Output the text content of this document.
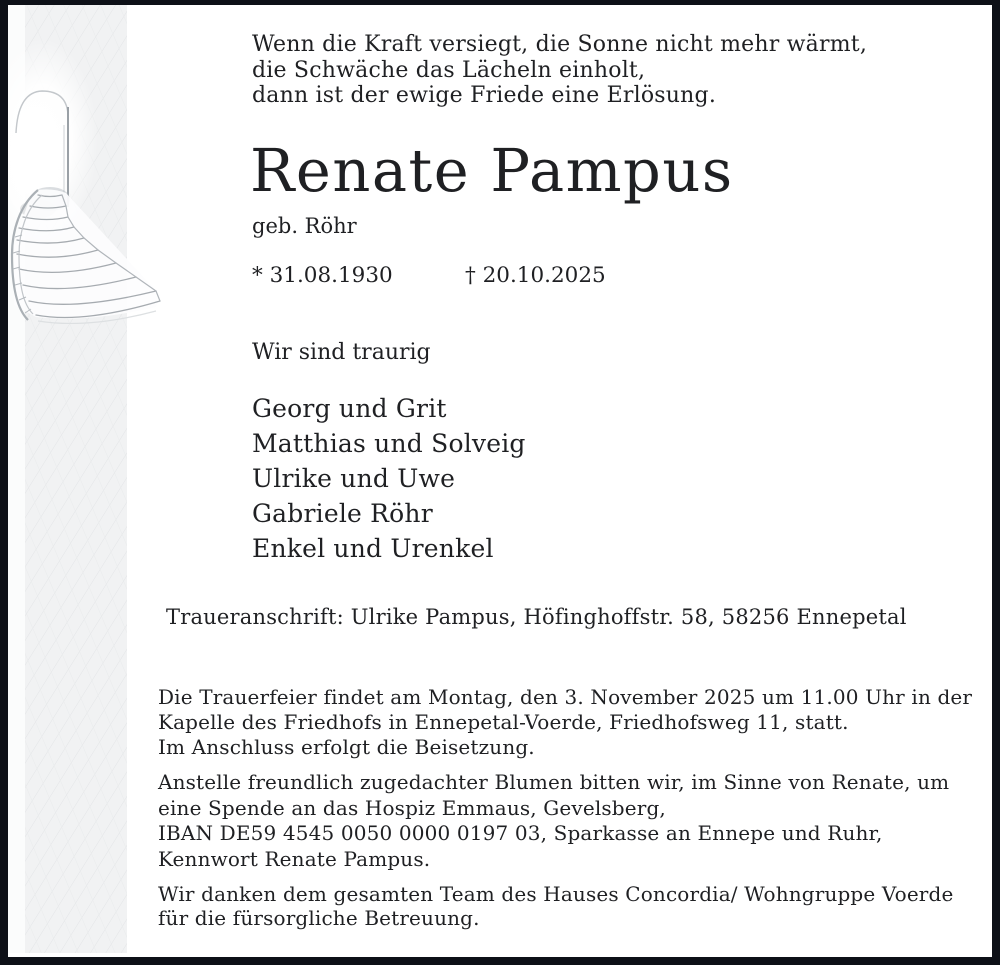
Wenn die Kraft versiegt, die Sonne nicht mehr wärmt,
die Schwäche das Lächeln einholt,
dann ist der ewige Friede eine Erlösung.
Renate Pampus
geb. Röhr
* 31.08.1930	† 20.10.2025
Wir sind traurig
Georg und Grit
Matthias und Solveig
Ulrike und Uwe
Gabriele Röhr
Enkel und Urenkel
Traueranschrift: Ulrike Pampus, Höfinghoffstr. 58, 58256 Ennepetal
Die Trauerfeier findet am Montag, den 3. November 2025 um 11.00 Uhr in der
Kapelle des Friedhofs in Ennepetal-Voerde, Friedhofsweg 11, statt.
Im Anschluss erfolgt die Beisetzung.
Anstelle freundlich zugedachter Blumen bitten wir, im Sinne von Renate, um
eine Spende an das Hospiz Emmaus, Gevelsberg,
IBAN DE59 4545 0050 0000 0197 03, Sparkasse an Ennepe und Ruhr,
Kennwort Renate Pampus.
Wir danken dem gesamten Team des Hauses Concordia/ Wohngruppe Voerde
für die fürsorgliche Betreuung.
